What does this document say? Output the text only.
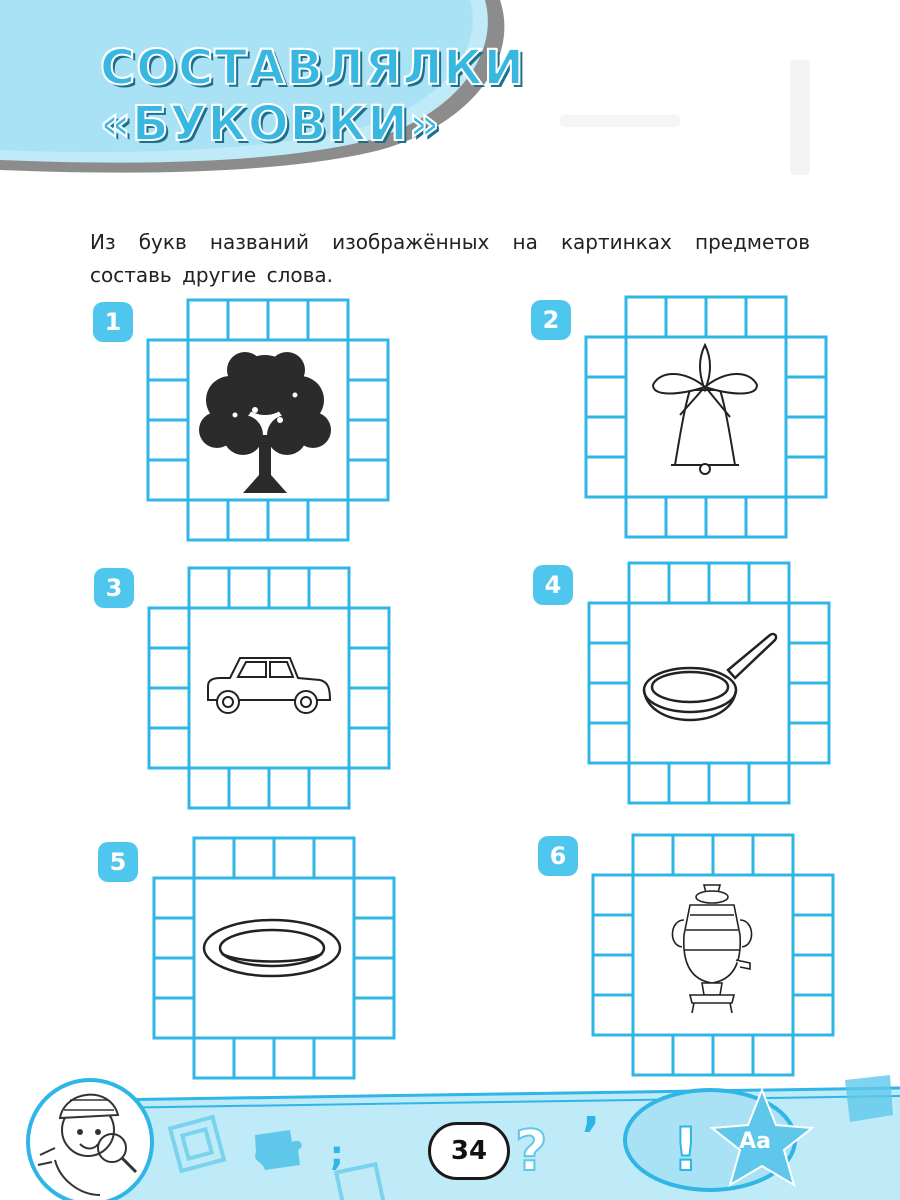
СОСТАВЛЯЛКИ
«БУКОВКИ»

Из букв названий изображённых на картинках предметов составь другие слова.

1	2
3	4
5	6
?
;
,
!
34	Aa
